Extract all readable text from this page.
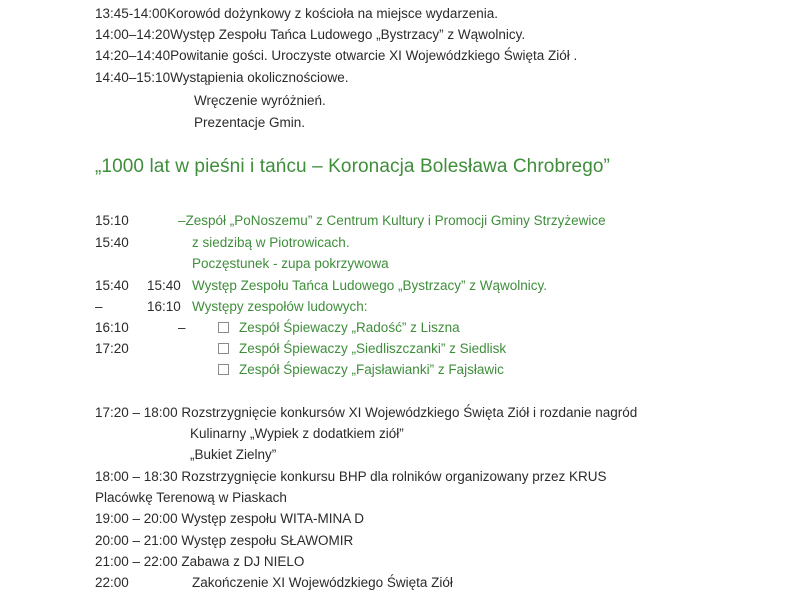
13:45-14:00Korowód dożynkowy z kościoła na miejsce wydarzenia.
14:00–14:20Występ Zespołu Tańca Ludowego „Bystrzacy” z Wąwolnicy.
14:20–14:40Powitanie gości. Uroczyste otwarcie XI Wojewódzkiego Święta Ziół .
14:40–15:10Wystąpienia okolicznościowe.
Wręczenie wyróżnień.
Prezentacje Gmin.
„1000 lat w pieśni i tańcu – Koronacja Bolesława Chrobrego”
15:10
15:40
15:40
–
16:10
17:20
15:40
16:10
–
–Zespół „PoNoszemu” z Centrum Kultury i Promocji Gminy Strzyżewice
z siedzibą w Piotrowicach.
Poczęstunek - zupa pokrzywowa
Występ Zespołu Tańca Ludowego „Bystrzacy” z Wąwolnicy.
Występy zespołów ludowych:
Zespół Śpiewaczy „Radość” z Liszna
Zespół Śpiewaczy „Siedliszczanki” z Siedlisk
Zespół Śpiewaczy „Fajsławianki” z Fajsławic
17:20 – 18:00 Rozstrzygnięcie konkursów XI Wojewódzkiego Święta Ziół i rozdanie nagród
Kulinarny „Wypiek z dodatkiem ziół”
„Bukiet Zielny”
18:00 – 18:30 Rozstrzygnięcie konkursu BHP dla rolników organizowany przez KRUS
Placówkę Terenową w Piaskach
19:00 – 20:00 Występ zespołu WITA-MINA D
20:00 – 21:00 Występ zespołu SŁAWOMIR
21:00 – 22:00 Zabawa z DJ NIELO
22:00	Zakończenie XI Wojewódzkiego Święta Ziół
